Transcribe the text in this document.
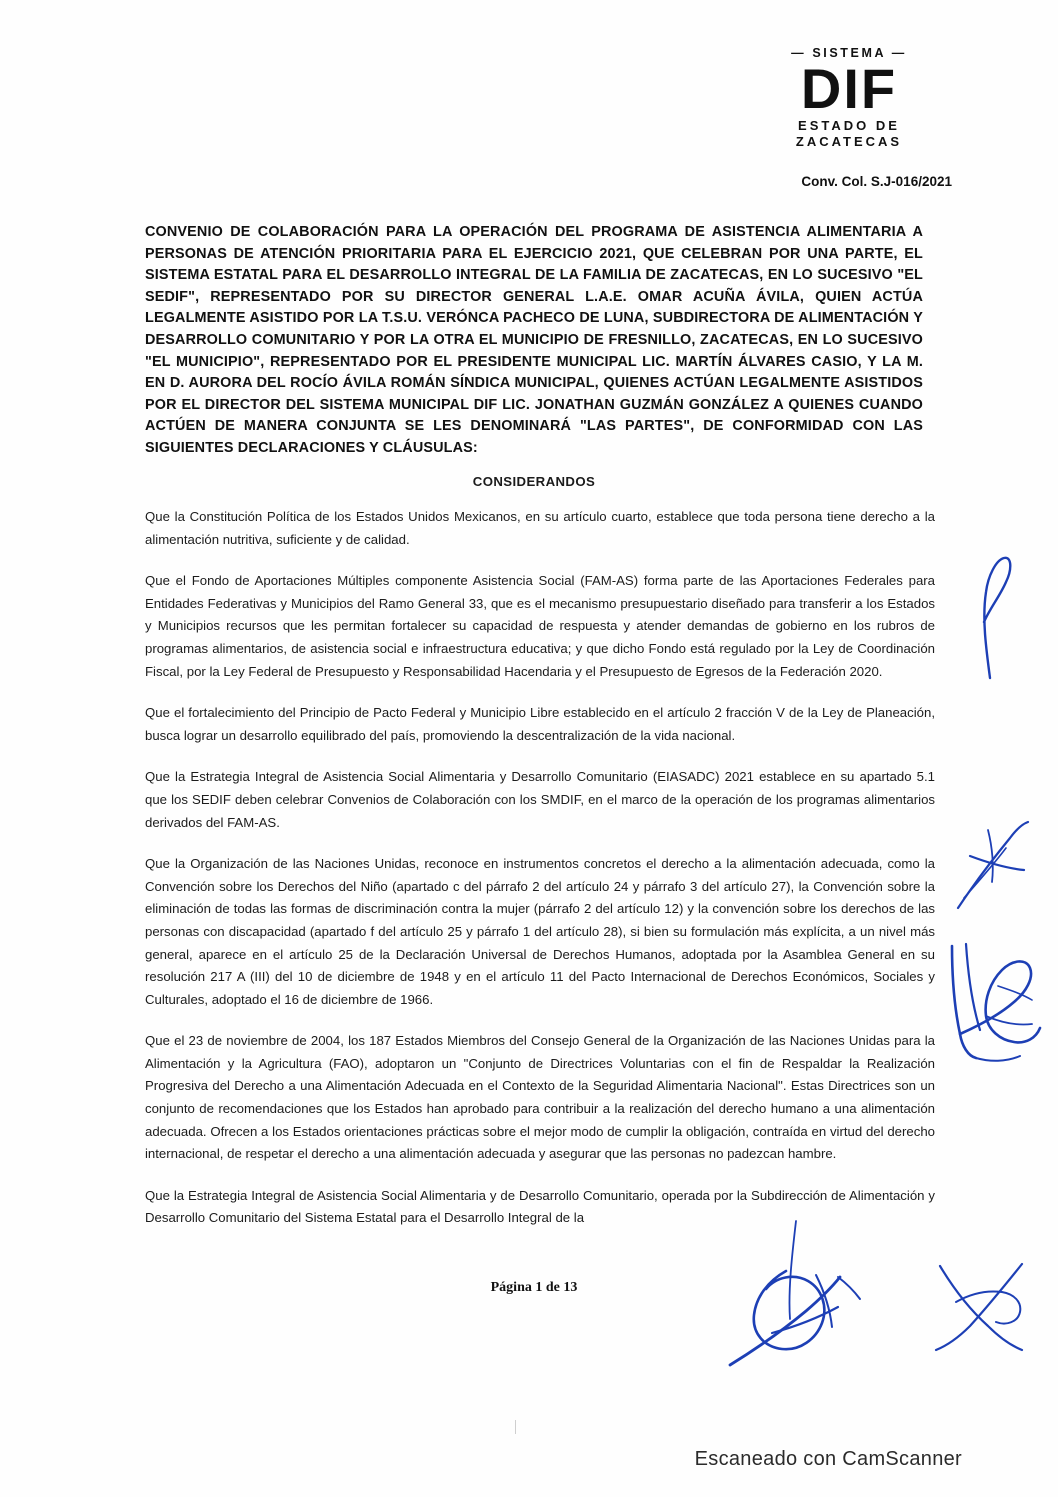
— SISTEMA —
DIF
ESTADO DE
ZACATECAS
Conv. Col. S.J-016/2021
CONVENIO DE COLABORACIÓN PARA LA OPERACIÓN DEL PROGRAMA DE ASISTENCIA ALIMENTARIA A PERSONAS DE ATENCIÓN PRIORITARIA PARA EL EJERCICIO 2021, QUE CELEBRAN POR UNA PARTE, EL SISTEMA ESTATAL PARA EL DESARROLLO INTEGRAL DE LA FAMILIA DE ZACATECAS, EN LO SUCESIVO "EL SEDIF", REPRESENTADO POR SU DIRECTOR GENERAL L.A.E. OMAR ACUÑA ÁVILA, QUIEN ACTÚA LEGALMENTE ASISTIDO POR LA T.S.U. VERÓNCA PACHECO DE LUNA, SUBDIRECTORA DE ALIMENTACIÓN Y DESARROLLO COMUNITARIO Y POR LA OTRA EL MUNICIPIO DE FRESNILLO, ZACATECAS, EN LO SUCESIVO "EL MUNICIPIO", REPRESENTADO POR EL PRESIDENTE MUNICIPAL LIC. MARTÍN ÁLVARES CASIO, Y LA M. EN D. AURORA DEL ROCÍO ÁVILA ROMÁN SÍNDICA MUNICIPAL, QUIENES ACTÚAN LEGALMENTE ASISTIDOS POR EL DIRECTOR DEL SISTEMA MUNICIPAL DIF LIC. JONATHAN GUZMÁN GONZÁLEZ A QUIENES CUANDO ACTÚEN DE MANERA CONJUNTA SE LES DENOMINARÁ "LAS PARTES", DE CONFORMIDAD CON LAS SIGUIENTES DECLARACIONES Y CLÁUSULAS:
CONSIDERANDOS

Que la Constitución Política de los Estados Unidos Mexicanos, en su artículo cuarto, establece que toda persona tiene derecho a la alimentación nutritiva, suficiente y de calidad.

Que el Fondo de Aportaciones Múltiples componente Asistencia Social (FAM-AS) forma parte de las Aportaciones Federales para Entidades Federativas y Municipios del Ramo General 33, que es el mecanismo presupuestario diseñado para transferir a los Estados y Municipios recursos que les permitan fortalecer su capacidad de respuesta y atender demandas de gobierno en los rubros de programas alimentarios, de asistencia social e infraestructura educativa; y que dicho Fondo está regulado por la Ley de Coordinación Fiscal, por la Ley Federal de Presupuesto y Responsabilidad Hacendaria y el Presupuesto de Egresos de la Federación 2020.

Que el fortalecimiento del Principio de Pacto Federal y Municipio Libre establecido en el artículo 2 fracción V de la Ley de Planeación, busca lograr un desarrollo equilibrado del país, promoviendo la descentralización de la vida nacional.

Que la Estrategia Integral de Asistencia Social Alimentaria y Desarrollo Comunitario (EIASADC) 2021 establece en su apartado 5.1 que los SEDIF deben celebrar Convenios de Colaboración con los SMDIF, en el marco de la operación de los programas alimentarios derivados del FAM-AS.

Que la Organización de las Naciones Unidas, reconoce en instrumentos concretos el derecho a la alimentación adecuada, como la Convención sobre los Derechos del Niño (apartado c del párrafo 2 del artículo 24 y párrafo 3 del artículo 27), la Convención sobre la eliminación de todas las formas de discriminación contra la mujer (párrafo 2 del artículo 12) y la convención sobre los derechos de las personas con discapacidad (apartado f del artículo 25 y párrafo 1 del artículo 28), si bien su formulación más explícita, a un nivel más general, aparece en el artículo 25 de la Declaración Universal de Derechos Humanos, adoptada por la Asamblea General en su resolución 217 A (III) del 10 de diciembre de 1948 y en el artículo 11 del Pacto Internacional de Derechos Económicos, Sociales y Culturales, adoptado el 16 de diciembre de 1966.

Que el 23 de noviembre de 2004, los 187 Estados Miembros del Consejo General de la Organización de las Naciones Unidas para la Alimentación y la Agricultura (FAO), adoptaron un "Conjunto de Directrices Voluntarias con el fin de Respaldar la Realización Progresiva del Derecho a una Alimentación Adecuada en el Contexto de la Seguridad Alimentaria Nacional". Estas Directrices son un conjunto de recomendaciones que los Estados han aprobado para contribuir a la realización del derecho humano a una alimentación adecuada. Ofrecen a los Estados orientaciones prácticas sobre el mejor modo de cumplir la obligación, contraída en virtud del derecho internacional, de respetar el derecho a una alimentación adecuada y asegurar que las personas no padezcan hambre.

Que la Estrategia Integral de Asistencia Social Alimentaria y de Desarrollo Comunitario, operada por la Subdirección de Alimentación y Desarrollo Comunitario del Sistema Estatal para el Desarrollo Integral de la

Página 1 de 13
Escaneado con CamScanner
